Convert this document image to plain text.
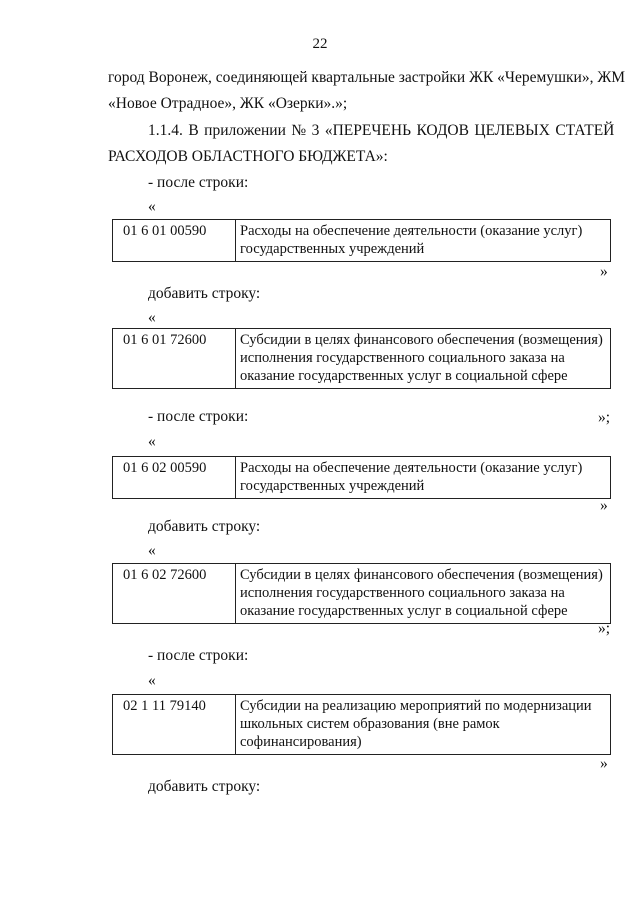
22
город Воронеж, соединяющей квартальные застройки ЖК «Черемушки», ЖМ
«Новое Отрадное», ЖК «Озерки».»;
1.1.4. В приложении № 3 «ПЕРЕЧЕНЬ КОДОВ ЦЕЛЕВЫХ СТАТЕЙ
РАСХОДОВ ОБЛАСТНОГО БЮДЖЕТА»:
- после строки:
«
01 6 01 00590	Расходы на обеспечение деятельности (оказание услуг)
государственных учреждений
»
добавить строку:
«
01 6 01 72600	Субсидии в целях финансового обеспечения (возмещения)
исполнения государственного социального заказа на
оказание государственных услуг в социальной сфере
»;
- после строки:
«
01 6 02 00590	Расходы на обеспечение деятельности (оказание услуг)
государственных учреждений
»
добавить строку:
«
01 6 02 72600	Субсидии в целях финансового обеспечения (возмещения)
исполнения государственного социального заказа на
оказание государственных услуг в социальной сфере
»;
- после строки:
«
02 1 11 79140	Субсидии на реализацию мероприятий по модернизации
школьных систем образования (вне рамок
софинансирования)
»
добавить строку:
